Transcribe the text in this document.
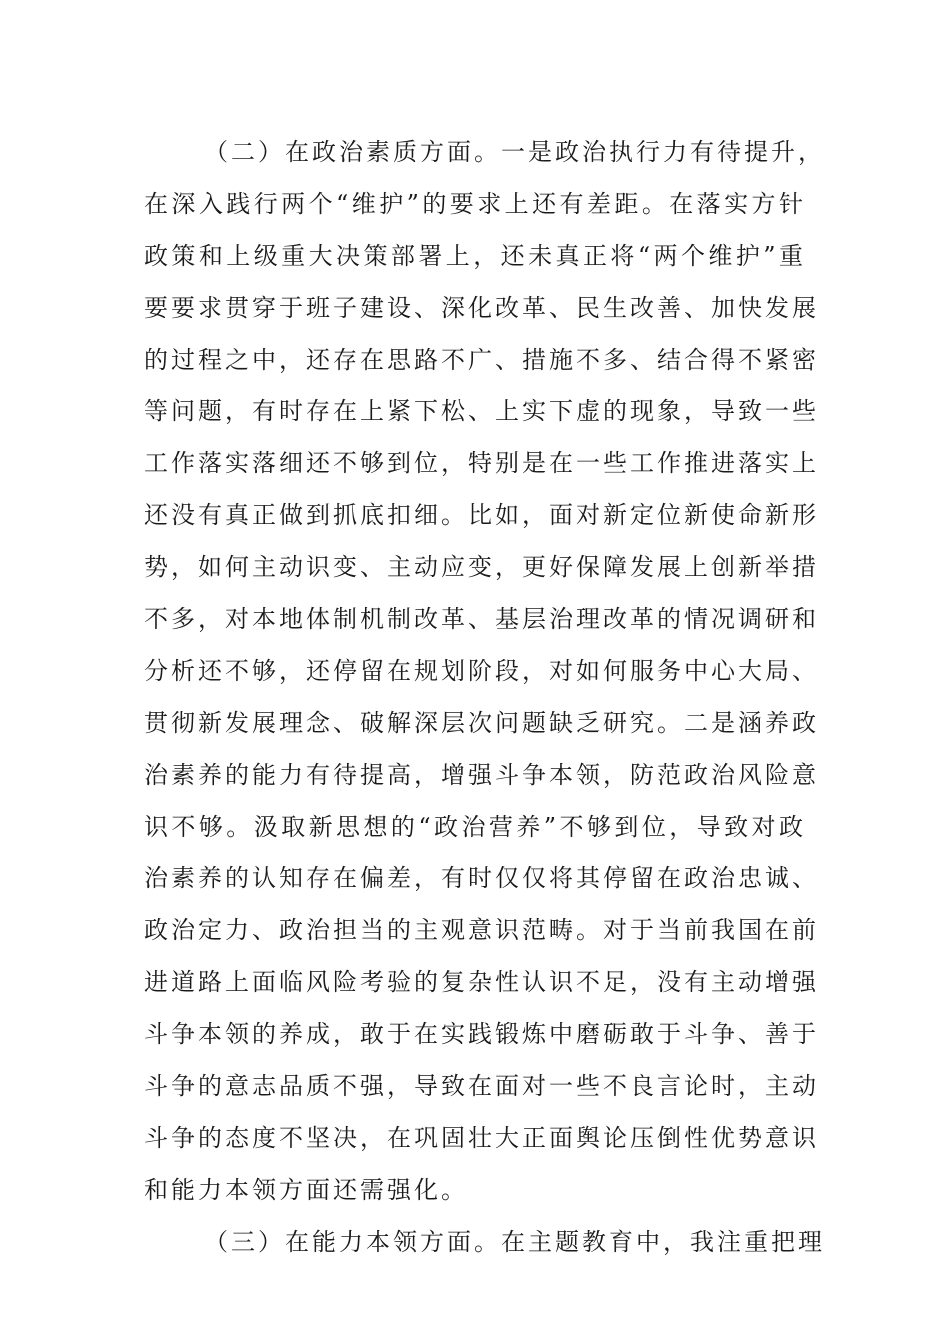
（二）在政治素质方面。一是政治执行力有待提升，
在深入践行两个“维护”的要求上还有差距。在落实方针
政策和上级重大决策部署上，还未真正将“两个维护”重
要要求贯穿于班子建设、深化改革、民生改善、加快发展
的过程之中，还存在思路不广、措施不多、结合得不紧密
等问题，有时存在上紧下松、上实下虚的现象，导致一些
工作落实落细还不够到位，特别是在一些工作推进落实上
还没有真正做到抓底扣细。比如，面对新定位新使命新形
势，如何主动识变、主动应变，更好保障发展上创新举措
不多，对本地体制机制改革、基层治理改革的情况调研和
分析还不够，还停留在规划阶段，对如何服务中心大局、
贯彻新发展理念、破解深层次问题缺乏研究。二是涵养政
治素养的能力有待提高，增强斗争本领，防范政治风险意
识不够。汲取新思想的“政治营养”不够到位，导致对政
治素养的认知存在偏差，有时仅仅将其停留在政治忠诚、
政治定力、政治担当的主观意识范畴。对于当前我国在前
进道路上面临风险考验的复杂性认识不足，没有主动增强
斗争本领的养成，敢于在实践锻炼中磨砺敢于斗争、善于
斗争的意志品质不强，导致在面对一些不良言论时，主动
斗争的态度不坚决，在巩固壮大正面舆论压倒性优势意识
和能力本领方面还需强化。
（三）在能力本领方面。在主题教育中，我注重把理
